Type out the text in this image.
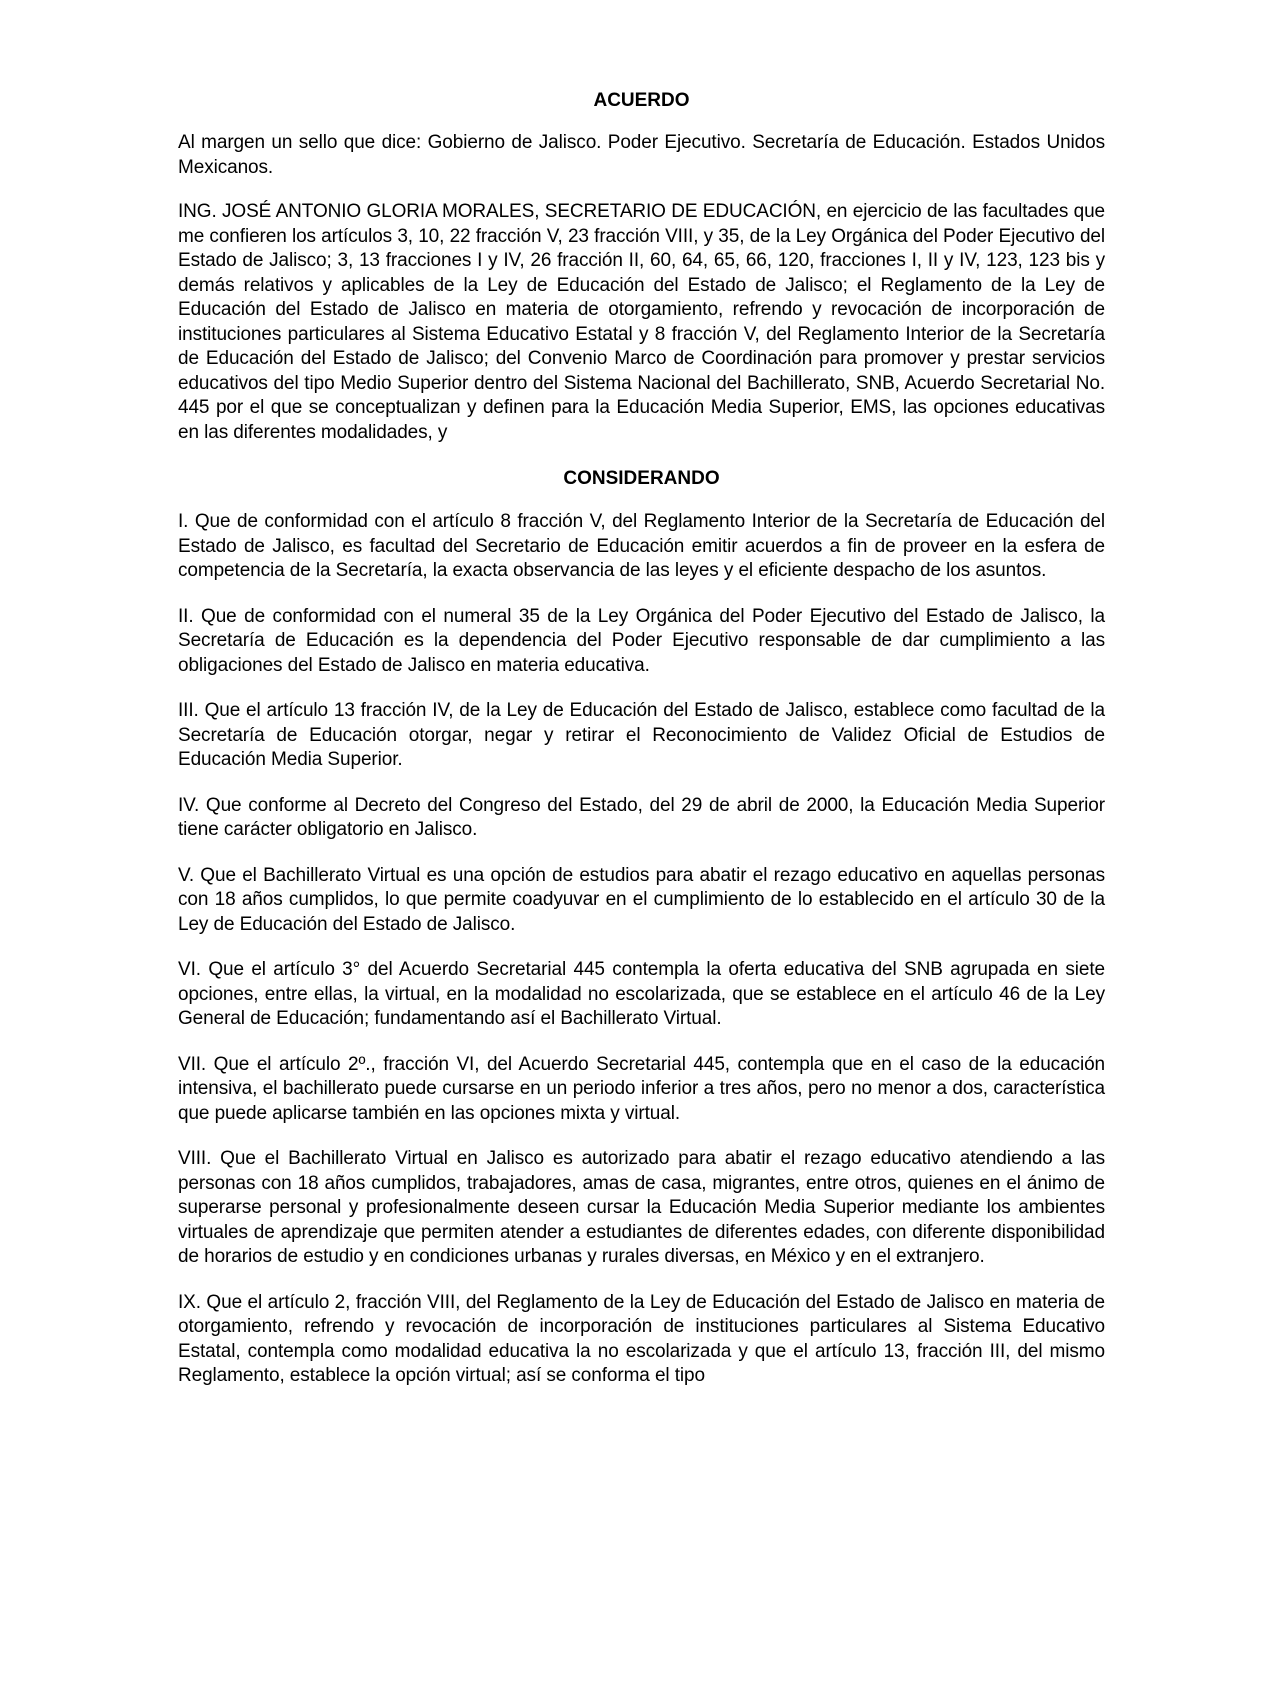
ACUERDO

Al margen un sello que dice: Gobierno de Jalisco. Poder Ejecutivo. Secretaría de Educación. Estados Unidos Mexicanos.

ING. JOSÉ ANTONIO GLORIA MORALES, SECRETARIO DE EDUCACIÓN, en ejercicio de las facultades que me confieren los artículos 3, 10, 22 fracción V, 23 fracción VIII, y 35, de la Ley Orgánica del Poder Ejecutivo del Estado de Jalisco; 3, 13 fracciones I y IV, 26 fracción II, 60, 64, 65, 66, 120, fracciones I, II y IV, 123, 123 bis y demás relativos y aplicables de la Ley de Educación del Estado de Jalisco; el Reglamento de la Ley de Educación del Estado de Jalisco en materia de otorgamiento, refrendo y revocación de incorporación de instituciones particulares al Sistema Educativo Estatal y 8 fracción V, del Reglamento Interior de la Secretaría de Educación del Estado de Jalisco; del Convenio Marco de Coordinación para promover y prestar servicios educativos del tipo Medio Superior dentro del Sistema Nacional del Bachillerato, SNB, Acuerdo Secretarial No. 445 por el que se conceptualizan y definen para la Educación Media Superior, EMS, las opciones educativas en las diferentes modalidades, y

CONSIDERANDO

I. Que de conformidad con el artículo 8 fracción V, del Reglamento Interior de la Secretaría de Educación del Estado de Jalisco, es facultad del Secretario de Educación emitir acuerdos a fin de proveer en la esfera de competencia de la Secretaría, la exacta observancia de las leyes y el eficiente despacho de los asuntos.

II. Que de conformidad con el numeral 35 de la Ley Orgánica del Poder Ejecutivo del Estado de Jalisco, la Secretaría de Educación es la dependencia del Poder Ejecutivo responsable de dar cumplimiento a las obligaciones del Estado de Jalisco en materia educativa.

III. Que el artículo 13 fracción IV, de la Ley de Educación del Estado de Jalisco, establece como facultad de la Secretaría de Educación otorgar, negar y retirar el Reconocimiento de Validez Oficial de Estudios de Educación Media Superior.

IV. Que conforme al Decreto del Congreso del Estado, del 29 de abril de 2000, la Educación Media Superior tiene carácter obligatorio en Jalisco.

V. Que el Bachillerato Virtual es una opción de estudios para abatir el rezago educativo en aquellas personas con 18 años cumplidos, lo que permite coadyuvar en el cumplimiento de lo establecido en el artículo 30 de la Ley de Educación del Estado de Jalisco.

VI. Que el artículo 3° del Acuerdo Secretarial 445 contempla la oferta educativa del SNB agrupada en siete opciones, entre ellas, la virtual, en la modalidad no escolarizada, que se establece en el artículo 46 de la Ley General de Educación; fundamentando así el Bachillerato Virtual.

VII. Que el artículo 2º., fracción VI, del Acuerdo Secretarial 445, contempla que en el caso de la educación intensiva, el bachillerato puede cursarse en un periodo inferior a tres años, pero no menor a dos, característica que puede aplicarse también en las opciones mixta y virtual.

VIII. Que el Bachillerato Virtual en Jalisco es autorizado para abatir el rezago educativo atendiendo a las personas con 18 años cumplidos, trabajadores, amas de casa, migrantes, entre otros, quienes en el ánimo de superarse personal y profesionalmente deseen cursar la Educación Media Superior mediante los ambientes virtuales de aprendizaje que permiten atender a estudiantes de diferentes edades, con diferente disponibilidad de horarios de estudio y en condiciones urbanas y rurales diversas, en México y en el extranjero.

IX. Que el artículo 2, fracción VIII, del Reglamento de la Ley de Educación del Estado de Jalisco en materia de otorgamiento, refrendo y revocación de incorporación de instituciones particulares al Sistema Educativo Estatal, contempla como modalidad educativa la no escolarizada y que el artículo 13, fracción III, del mismo Reglamento, establece la opción virtual; así se conforma el tipo
